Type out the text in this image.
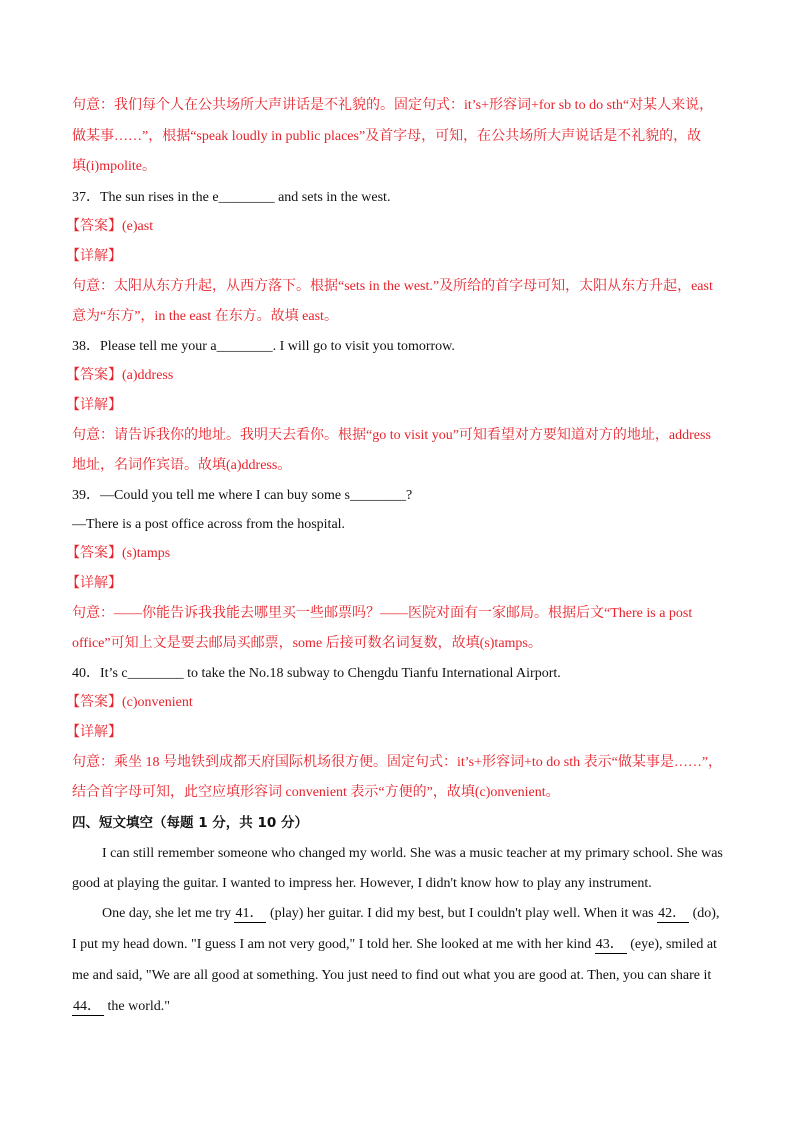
句意：我们每个人在公共场所大声讲话是不礼貌的。固定句式：it’s+形容词+for sb to do sth“对某人来说，
做某事……”，根据“speak loudly in public places”及首字母，可知，在公共场所大声说话是不礼貌的，故
填(i)mpolite。
37．The sun rises in the e________ and sets in the west.
【答案】(e)ast
【详解】
句意：太阳从东方升起，从西方落下。根据“sets in the west.”及所给的首字母可知，太阳从东方升起，east
意为“东方”，in the east 在东方。故填 east。
38．Please tell me your a________. I will go to visit you tomorrow.
【答案】(a)ddress
【详解】
句意：请告诉我你的地址。我明天去看你。根据“go to visit you”可知看望对方要知道对方的地址，address
地址，名词作宾语。故填(a)ddress。
39．—Could you tell me where I can buy some s________?
—There is a post office across from the hospital.
【答案】(s)tamps
【详解】
句意：——你能告诉我我能去哪里买一些邮票吗？——医院对面有一家邮局。根据后文“There is a post
office”可知上文是要去邮局买邮票，some 后接可数名词复数，故填(s)tamps。
40．It’s c________ to take the No.18 subway to Chengdu Tianfu International Airport.
【答案】(c)onvenient
【详解】
句意：乘坐 18 号地铁到成都天府国际机场很方便。固定句式：it’s+形容词+to do sth 表示“做某事是……”，
结合首字母可知，此空应填形容词 convenient 表示“方便的”，故填(c)onvenient。
四、短文填空（每题 1 分，共 10 分）
I can still remember someone who changed my world. She was a music teacher at my primary school. She was
good at playing the guitar. I wanted to impress her. However, I didn't know how to play any instrument.
One day, she let me try 41． (play) her guitar. I did my best, but I couldn't play well. When it was 42． (do),
I put my head down. "I guess I am not very good," I told her. She looked at me with her kind 43． (eye), smiled at
me and said, "We are all good at something. You just need to find out what you are good at. Then, you can share it
44． the world."
